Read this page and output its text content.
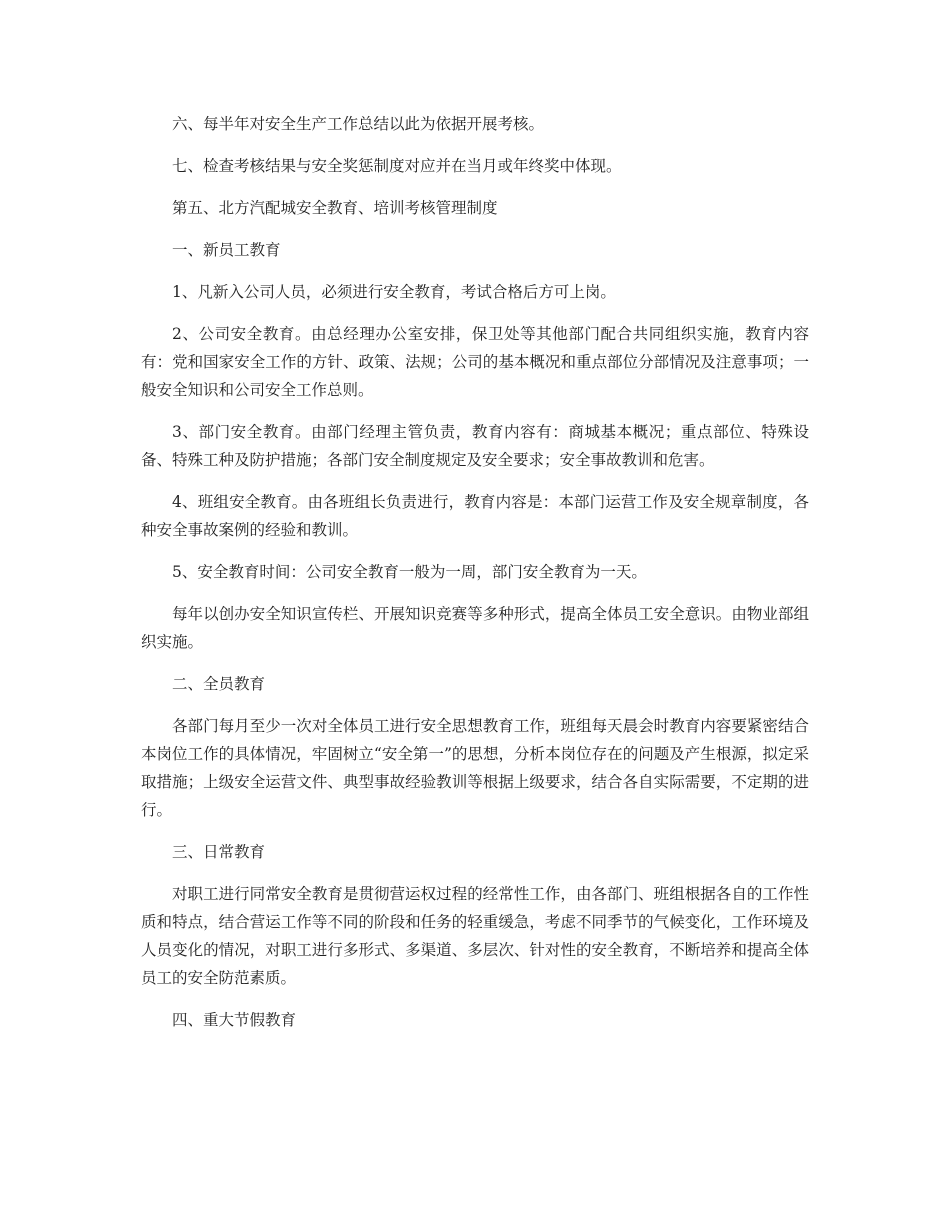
六、每半年对安全生产工作总结以此为依据开展考核。

七、检查考核结果与安全奖惩制度对应并在当月或年终奖中体现。

第五、北方汽配城安全教育、培训考核管理制度

一、新员工教育

1、凡新入公司人员，必须进行安全教育，考试合格后方可上岗。

2、公司安全教育。由总经理办公室安排，保卫处等其他部门配合共同组织实施，教育内容有：党和国家安全工作的方针、政策、法规；公司的基本概况和重点部位分部情况及注意事项；一般安全知识和公司安全工作总则。

3、部门安全教育。由部门经理主管负责，教育内容有：商城基本概况；重点部位、特殊设备、特殊工种及防护措施；各部门安全制度规定及安全要求；安全事故教训和危害。

4、班组安全教育。由各班组长负责进行，教育内容是：本部门运营工作及安全规章制度，各种安全事故案例的经验和教训。

5、安全教育时间：公司安全教育一般为一周，部门安全教育为一天。

每年以创办安全知识宣传栏、开展知识竞赛等多种形式，提高全体员工安全意识。由物业部组织实施。

二、全员教育

各部门每月至少一次对全体员工进行安全思想教育工作，班组每天晨会时教育内容要紧密结合本岗位工作的具体情况，牢固树立“安全第一”的思想，分析本岗位存在的问题及产生根源，拟定采取措施；上级安全运营文件、典型事故经验教训等根据上级要求，结合各自实际需要，不定期的进行。

三、日常教育

对职工进行同常安全教育是贯彻营运权过程的经常性工作，由各部门、班组根据各自的工作性质和特点，结合营运工作等不同的阶段和任务的轻重缓急，考虑不同季节的气候变化，工作环境及人员变化的情况，对职工进行多形式、多渠道、多层次、针对性的安全教育，不断培养和提高全体员工的安全防范素质。

四、重大节假教育
